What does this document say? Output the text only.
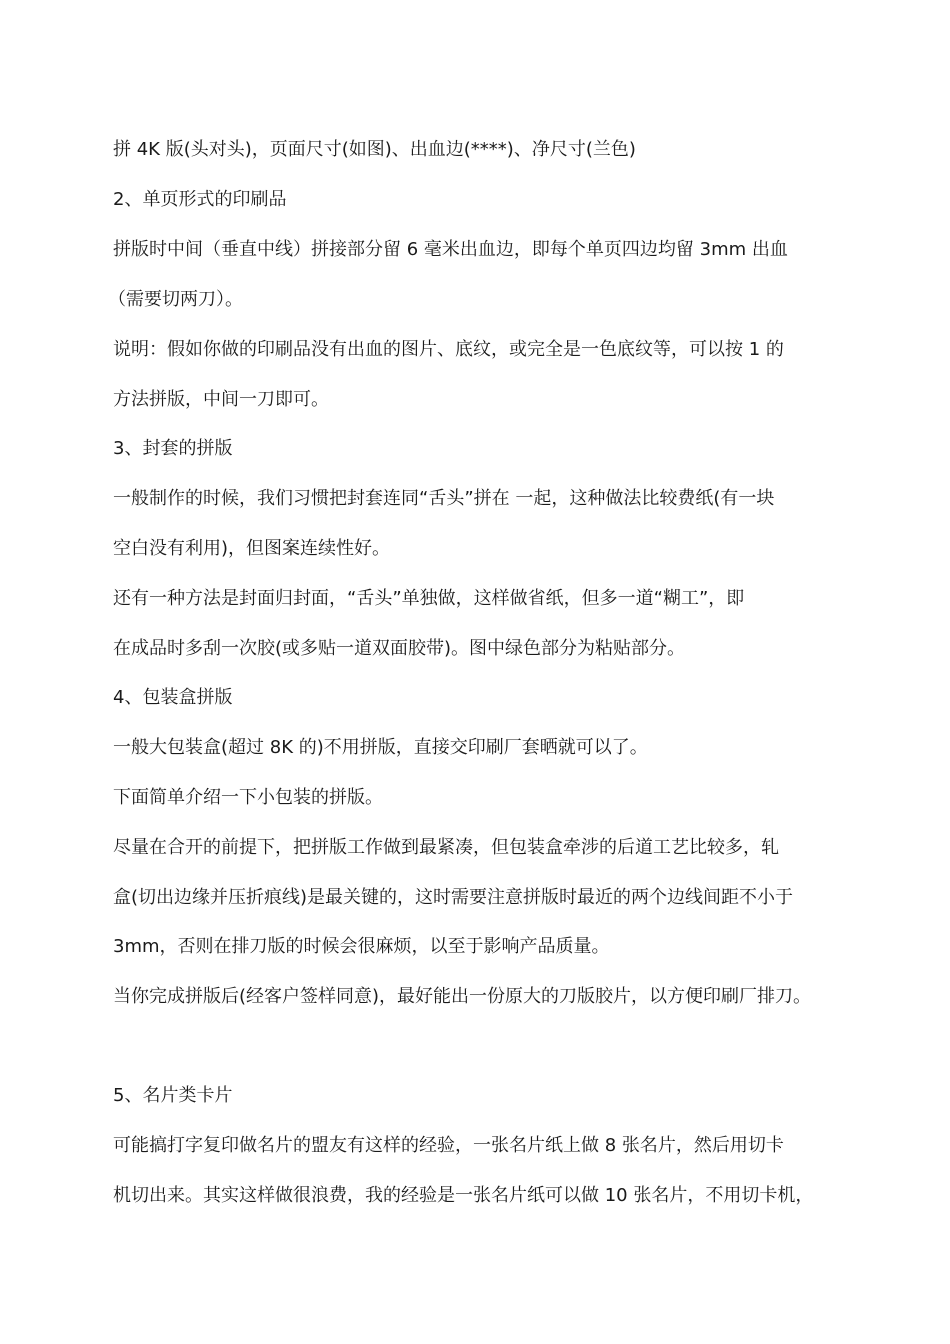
拼 4K 版(头对头)，页面尺寸(如图)、出血边(****)、净尺寸(兰色)

2、单页形式的印刷品

拼版时中间（垂直中线）拼接部分留 6 毫米出血边，即每个单页四边均留 3mm 出血

（需要切两刀）。

说明：假如你做的印刷品没有出血的图片、底纹，或完全是一色底纹等，可以按 1 的

方法拼版，中间一刀即可。

3、封套的拼版

一般制作的时候，我们习惯把封套连同“舌头”拼在 一起，这种做法比较费纸(有一块

空白没有利用)，但图案连续性好。

还有一种方法是封面归封面，“舌头”单独做，这样做省纸，但多一道“糊工”，即

在成品时多刮一次胶(或多贴一道双面胶带)。图中绿色部分为粘贴部分。

4、包装盒拼版

一般大包装盒(超过 8K 的)不用拼版，直接交印刷厂套晒就可以了。

下面简单介绍一下小包装的拼版。

尽量在合开的前提下，把拼版工作做到最紧凑，但包装盒牵涉的后道工艺比较多，轧

盒(切出边缘并压折痕线)是最关键的，这时需要注意拼版时最近的两个边线间距不小于

3mm，否则在排刀版的时候会很麻烦，以至于影响产品质量。

当你完成拼版后(经客户签样同意)，最好能出一份原大的刀版胶片，以方便印刷厂排刀。

5、名片类卡片

可能搞打字复印做名片的盟友有这样的经验，一张名片纸上做 8 张名片，然后用切卡

机切出来。其实这样做很浪费，我的经验是一张名片纸可以做 10 张名片，不用切卡机，
